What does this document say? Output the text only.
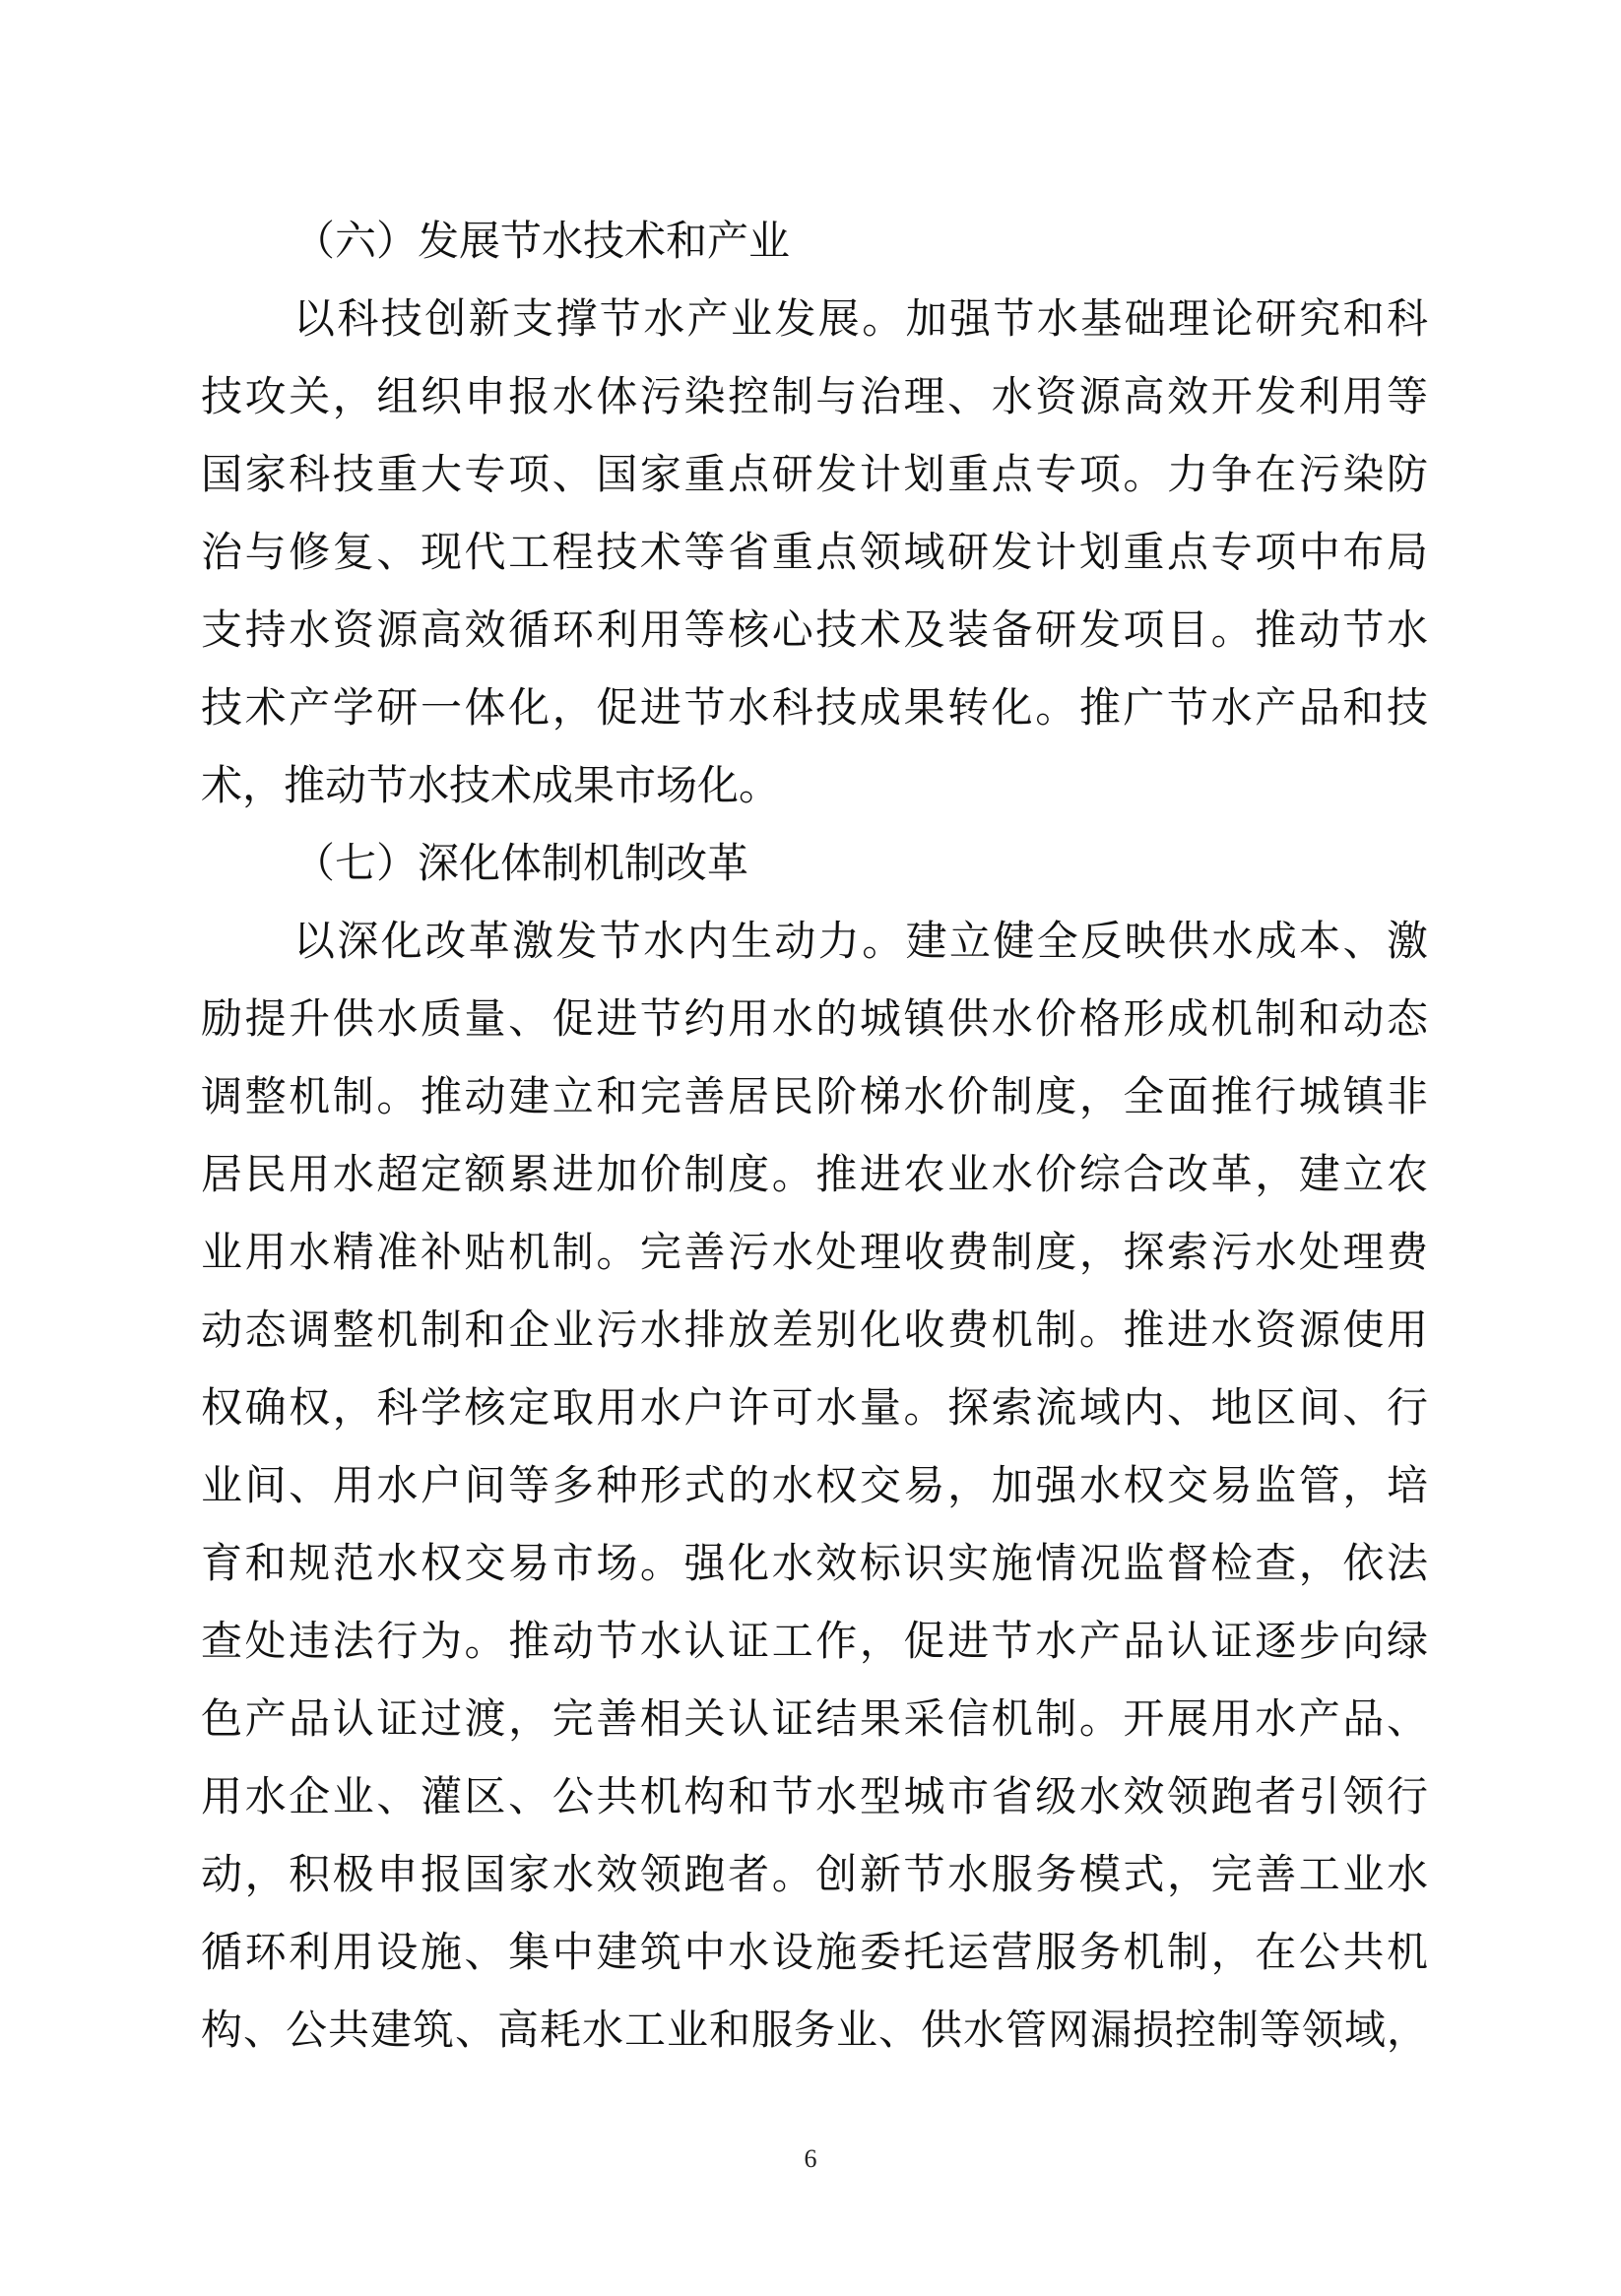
（六）发展节水技术和产业
以科技创新支撑节水产业发展。加强节水基础理论研究和科
技攻关，组织申报水体污染控制与治理、水资源高效开发利用等
国家科技重大专项、国家重点研发计划重点专项。力争在污染防
治与修复、现代工程技术等省重点领域研发计划重点专项中布局
支持水资源高效循环利用等核心技术及装备研发项目。推动节水
技术产学研一体化，促进节水科技成果转化。推广节水产品和技
术，推动节水技术成果市场化。
（七）深化体制机制改革
以深化改革激发节水内生动力。建立健全反映供水成本、激
励提升供水质量、促进节约用水的城镇供水价格形成机制和动态
调整机制。推动建立和完善居民阶梯水价制度，全面推行城镇非
居民用水超定额累进加价制度。推进农业水价综合改革，建立农
业用水精准补贴机制。完善污水处理收费制度，探索污水处理费
动态调整机制和企业污水排放差别化收费机制。推进水资源使用
权确权，科学核定取用水户许可水量。探索流域内、地区间、行
业间、用水户间等多种形式的水权交易，加强水权交易监管，培
育和规范水权交易市场。强化水效标识实施情况监督检查，依法
查处违法行为。推动节水认证工作，促进节水产品认证逐步向绿
色产品认证过渡，完善相关认证结果采信机制。开展用水产品、
用水企业、灌区、公共机构和节水型城市省级水效领跑者引领行
动，积极申报国家水效领跑者。创新节水服务模式，完善工业水
循环利用设施、集中建筑中水设施委托运营服务机制，在公共机
构、公共建筑、高耗水工业和服务业、供水管网漏损控制等领域，
6
